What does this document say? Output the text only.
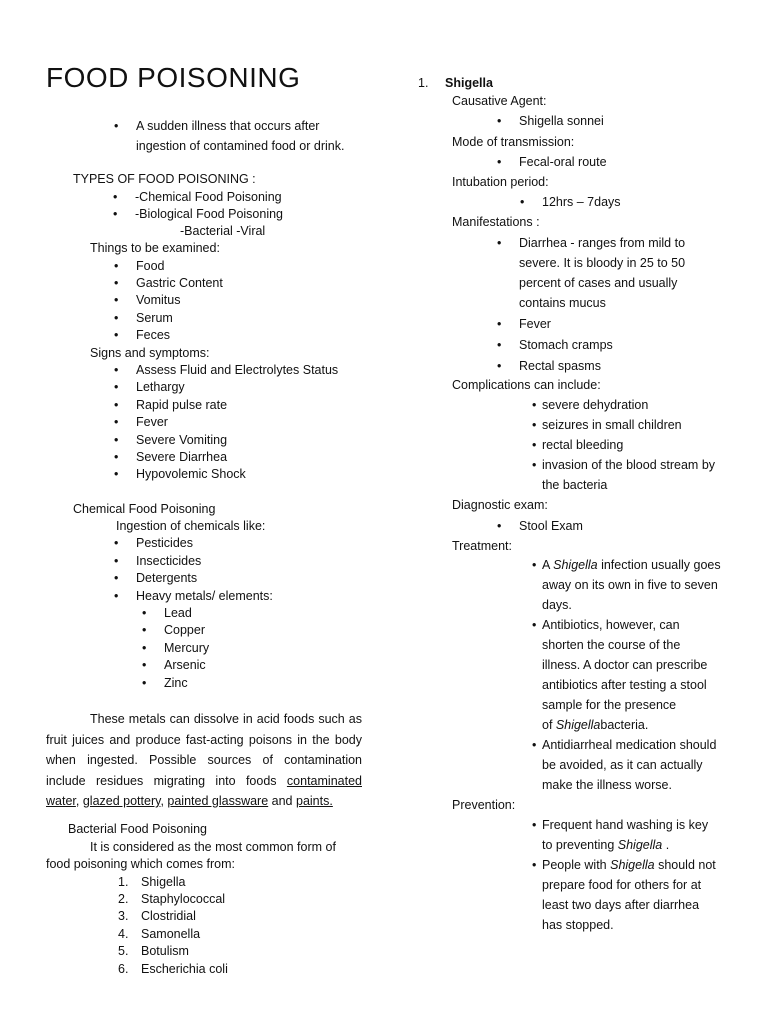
FOOD POISONING
• A sudden illness that occurs after
ingestion of contamined food or drink.
TYPES OF FOOD POISONING :
• -Chemical Food Poisoning
• -Biological Food Poisoning
-Bacterial -Viral
Things to be examined:
• Food
• Gastric Content
• Vomitus
• Serum
• Feces
Signs and symptoms:
• Assess Fluid and Electrolytes Status
• Lethargy
• Rapid pulse rate
• Fever
• Severe Vomiting
• Severe Diarrhea
• Hypovolemic Shock
Chemical Food Poisoning
Ingestion of chemicals like:
• Pesticides
• Insecticides
• Detergents
• Heavy metals/ elements:
• Lead
• Copper
• Mercury
• Arsenic
• Zinc
These metals can dissolve in acid foods such as
fruit juices and produce fast-acting poisons in the body
when ingested. Possible sources of contamination
include residues migrating into foods contaminated
water, glazed pottery, painted glassware and paints.
Bacterial Food Poisoning
It is considered as the most common form of
food poisoning which comes from:
1. Shigella
2. Staphylococcal
3. Clostridial
4. Samonella
5. Botulism
6. Escherichia coli
1. Shigella
Causative Agent:
• Shigella sonnei
Mode of transmission:
• Fecal-oral route
Intubation period:
• 12hrs – 7days
Manifestations :
• Diarrhea - ranges from mild to
severe. It is bloody in 25 to 50
percent of cases and usually
contains mucus
• Fever
• Stomach cramps
• Rectal spasms
Complications can include:
• severe dehydration
• seizures in small children
• rectal bleeding
• invasion of the blood stream by
the bacteria
Diagnostic exam:
• Stool Exam
Treatment:
• A Shigella infection usually goes
away on its own in five to seven
days.
• Antibiotics, however, can
shorten the course of the
illness. A doctor can prescribe
antibiotics after testing a stool
sample for the presence
of Shigellabacteria.
• Antidiarrheal medication should
be avoided, as it can actually
make the illness worse.
Prevention:
• Frequent hand washing is key
to preventing Shigella .
• People with Shigella should not
prepare food for others for at
least two days after diarrhea
has stopped.
